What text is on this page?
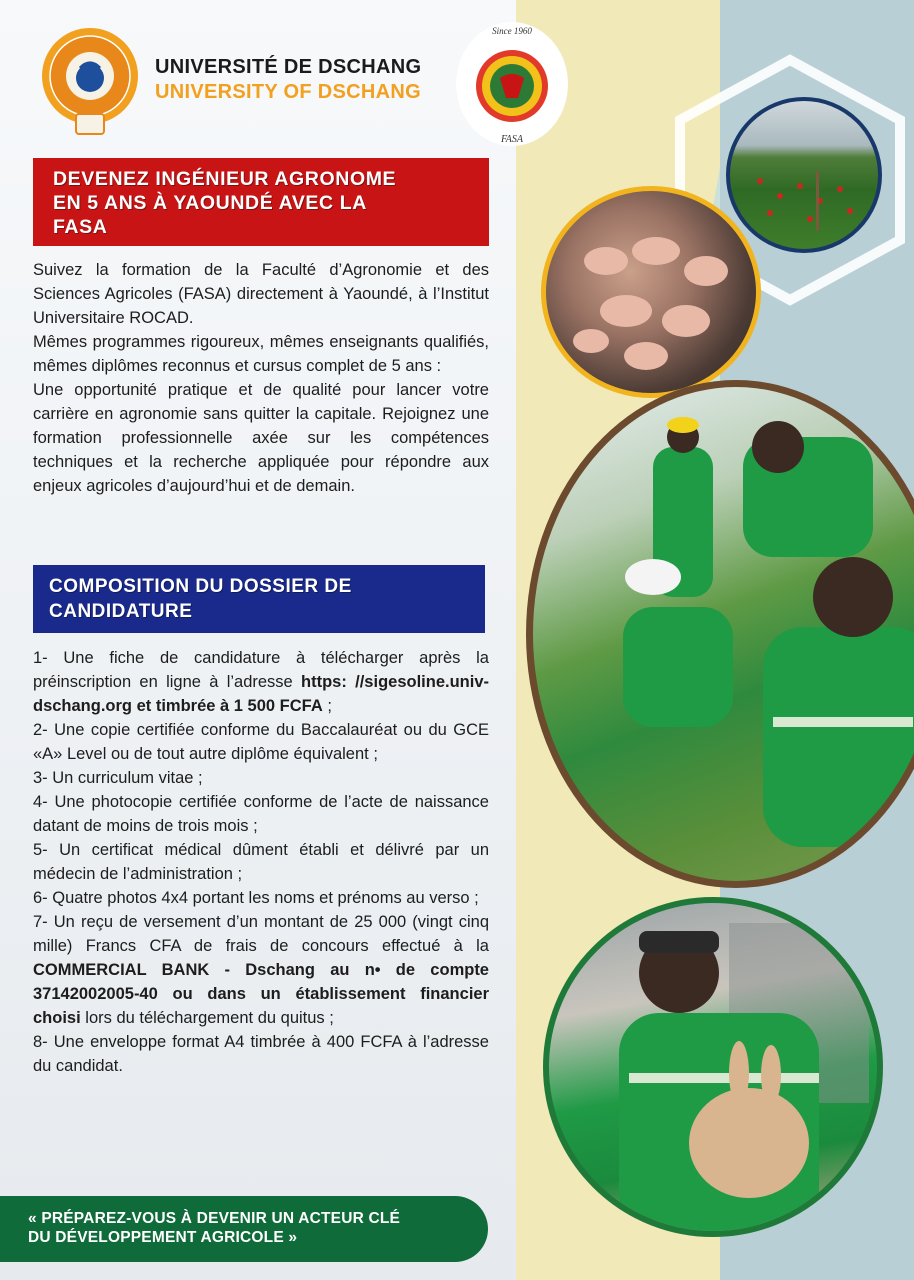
UNIVERSITÉ DE DSCHANG
UNIVERSITY OF DSCHANG
Since 1960
FASA
DEVENEZ INGÉNIEUR AGRONOME
EN 5 ANS À YAOUNDÉ AVEC LA
FASA

Suivez la formation de la Faculté d’Agronomie et des Sciences Agricoles (FASA) directement à Yaoundé, à l’Institut Universitaire ROCAD.

Mêmes programmes rigoureux, mêmes enseignants qualifiés, mêmes diplômes reconnus et cursus complet de 5 ans :

Une opportunité pratique et de qualité pour lancer votre carrière en agronomie sans quitter la capitale. Rejoignez une formation professionnelle axée sur les compétences techniques et la recherche appliquée pour répondre aux enjeux agricoles d’aujourd’hui et de demain.

COMPOSITION DU DOSSIER DE
CANDIDATURE

1- Une fiche de candidature à télécharger après la préinscription en ligne à l’adresse https: //sigesoline.univ-dschang.org et timbrée à 1 500 FCFA ;

2- Une copie certifiée conforme du Baccalauréat ou du GCE «A» Level ou de tout autre diplôme équivalent ;

3- Un curriculum vitae ;

4- Une photocopie certifiée conforme de l’acte de naissance datant de moins de trois mois ;

5- Un certificat médical dûment établi et délivré par un médecin de l’administration ;

6- Quatre photos 4x4 portant les noms et prénoms au verso ;

7- Un reçu de versement d’un montant de 25 000 (vingt cinq mille) Francs CFA de frais de concours effectué à la COMMERCIAL BANK - Dschang au n• de compte 37142002005-40 ou dans un établissement financier choisi lors du téléchargement du quitus ;

8- Une enveloppe format A4 timbrée à 400 FCFA à l’adresse du candidat.

« PRÉPAREZ-VOUS À DEVENIR UN ACTEUR CLÉ
DU DÉVELOPPEMENT AGRICOLE »
